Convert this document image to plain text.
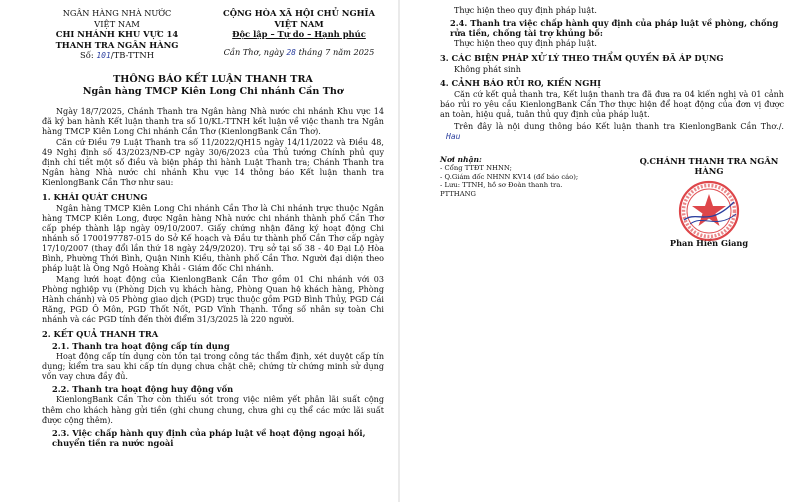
NGÂN HÀNG NHÀ NƯỚC
VIỆT NAM
CHI NHÁNH KHU VỰC 14
THANH TRA NGÂN HÀNG
Số: 101/TB-TTNH
CỘNG HÒA XÃ HỘI CHỦ NGHĨA VIỆT NAM
Độc lập – Tự do – Hạnh phúc
Cần Thơ, ngày 28 tháng 7 năm 2025
THÔNG BÁO KẾT LUẬN THANH TRA
Ngân hàng TMCP Kiên Long Chi nhánh Cần Thơ

Ngày 18/7/2025, Chánh Thanh tra Ngân hàng Nhà nước chi nhánh Khu vực 14 đã ký ban hành Kết luận thanh tra số 10/KL-TTNH kết luận về việc thanh tra Ngân hàng TMCP Kiên Long Chi nhánh Cần Thơ (KienlongBank Cần Thơ).

Căn cứ Điều 79 Luật Thanh tra số 11/2022/QH15 ngày 14/11/2022 và Điều 48, 49 Nghị định số 43/2023/NĐ-CP ngày 30/6/2023 của Thủ tướng Chính phủ quy định chi tiết một số điều và biện pháp thi hành Luật Thanh tra; Chánh Thanh tra Ngân hàng Nhà nước chi nhánh Khu vực 14 thông báo Kết luận thanh tra KienlongBank Cần Thơ như sau:

1. KHÁI QUÁT CHUNG

Ngân hàng TMCP Kiên Long Chi nhánh Cần Thơ là Chi nhánh trực thuộc Ngân hàng TMCP Kiên Long, được Ngân hàng Nhà nước chi nhánh thành phố Cần Thơ cấp phép thành lập ngày 09/10/2007. Giấy chứng nhận đăng ký hoạt động Chi nhánh số 1700197787-015 do Sở Kế hoạch và Đầu tư thành phố Cần Thơ cấp ngày 17/10/2007 (thay đổi lần thứ 18 ngày 24/9/2020). Trụ sở tại số 38 - 40 Đại Lộ Hòa Bình, Phường Thới Bình, Quận Ninh Kiều, thành phố Cần Thơ. Người đại diện theo pháp luật là Ông Ngô Hoàng Khải - Giám đốc Chi nhánh.

Mạng lưới hoạt động của KienlongBank Cần Thơ gồm 01 Chi nhánh với 03 Phòng nghiệp vụ (Phòng Dịch vụ khách hàng, Phòng Quan hệ khách hàng, Phòng Hành chánh) và 05 Phòng giao dịch (PGD) trực thuộc gồm PGD Bình Thủy, PGD Cái Răng, PGD Ô Môn, PGD Thốt Nốt, PGD Vĩnh Thạnh. Tổng số nhân sự toàn Chi nhánh và các PGD tính đến thời điểm 31/3/2025 là 220 người.

2. KẾT QUẢ THANH TRA
2.1. Thanh tra hoạt động cấp tín dụng

Hoạt động cấp tín dụng còn tồn tại trong công tác thẩm định, xét duyệt cấp tín dụng; kiểm tra sau khi cấp tín dụng chưa chặt chẽ; chứng từ chứng minh sử dụng vốn vay chưa đầy đủ.

2.2. Thanh tra hoạt động huy động vốn

KienlongBank Cần Thơ còn thiếu sót trong việc niêm yết phân lãi suất cộng thêm cho khách hàng gửi tiền (ghi chung chung, chưa ghi cụ thể các mức lãi suất được cộng thêm).

2.3. Việc chấp hành quy định của pháp luật về hoạt động ngoại hối, chuyển tiền ra nước ngoài

Thực hiện theo quy định pháp luật.

2.4. Thanh tra việc chấp hành quy định của pháp luật về phòng, chống rửa tiền, chống tài trợ khủng bố:

Thực hiện theo quy định pháp luật.

3. CÁC BIỆN PHÁP XỬ LÝ THEO THẨM QUYỀN ĐÃ ÁP DỤNG

Không phát sinh

4. CẢNH BÁO RỦI RO, KIẾN NGHỊ

Căn cứ kết quả thanh tra, Kết luận thanh tra đã đưa ra 04 kiến nghị và 01 cảnh báo rủi ro yêu cầu KienlongBank Cần Thơ thực hiện để hoạt động của đơn vị được an toàn, hiệu quả, tuân thủ quy định của pháp luật.

Trên đây là nội dung thông báo Kết luận thanh tra KienlongBank Cần Thơ./. Hau

Nơi nhận:
- Cổng TTĐT NHNN;
- Q.Giám đốc NHNN KV14 (để báo cáo);
- Lưu: TTNH, hồ sơ Đoàn thanh tra.
PTTHANG
Q.CHÁNH THANH TRA NGÂN HÀNG
Phan Hiền Giang
